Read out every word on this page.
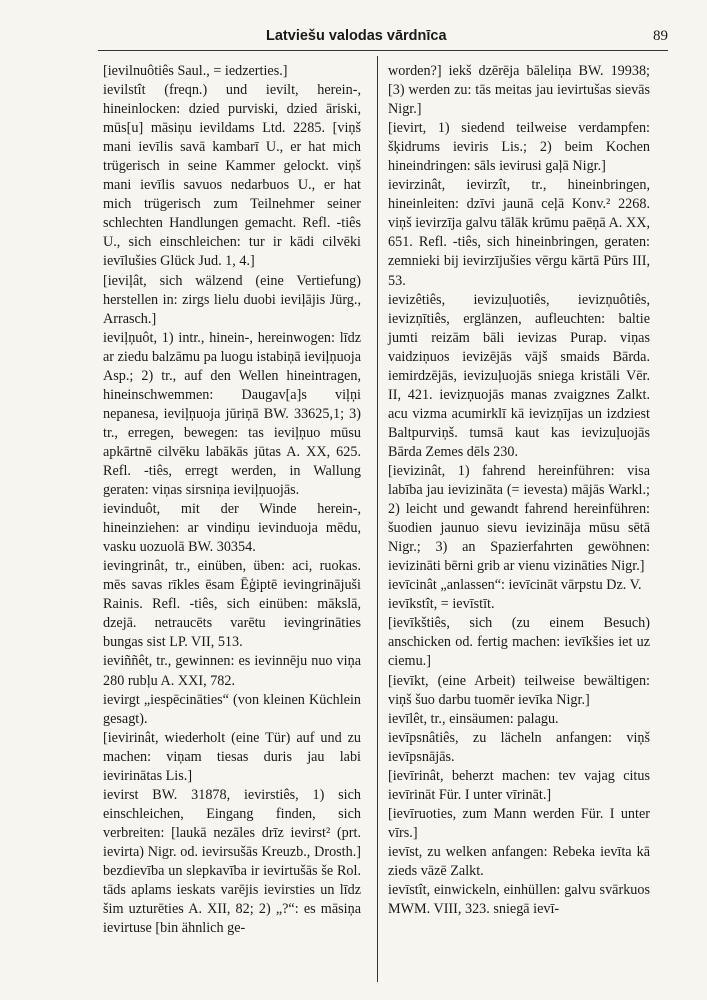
Latviešu valodas vārdnīca	89

[ievilnuôtiês Saul., = iedzerties.]

ievilstît (freqn.) und ievilt, herein-, hineinlocken: dzied purviski, dzied āriski, mūs[u] māsiņu ievildams Ltd. 2285. [viņš mani ievīlis savā kambarī U., er hat mich trügerisch in seine Kammer gelockt. viņš mani ievīlis savuos nedarbuos U., er hat mich trügerisch zum Teilnehmer seiner schlechten Handlungen gemacht. Refl. -tiês U., sich einschleichen: tur ir kādi cilvēki ievīlušies Glück Jud. 1, 4.]

[ieviļât, sich wälzend (eine Vertiefung) herstellen in: zirgs lielu duobi ieviļājis Jürg., Arrasch.]

ieviļņuôt, 1) intr., hinein-, hereinwogen: līdz ar ziedu balzāmu pa luogu istabiņā ieviļņuoja Asp.; 2) tr., auf den Wellen hineintragen, hineinschwemmen: Daugav[a]s viļņi nepanesa, ieviļņuoja jūriņā BW. 33625,1; 3) tr., erregen, bewegen: tas ieviļņuo mūsu apkārtnē cilvēku labākās jūtas A. XX, 625. Refl. -tiês, erregt werden, in Wallung geraten: viņas sirsniņa ieviļņuojās.

ievinduôt, mit der Winde herein-, hineinziehen: ar vindiņu ievinduoja mēdu, vasku uozuolā BW. 30354.

ievingrinât, tr., einüben, üben: aci, ruokas. mēs savas rīkles ēsam Ēģiptē ievingrinājuši Rainis. Refl. -tiês, sich einüben: mākslā, dzejā. netraucēts varētu ievingrināties bungas sist LP. VII, 513.

ieviññêt, tr., gewinnen: es ievinnēju nuo viņa 280 rubļu A. XXI, 782.

ievirgt „iespēcināties“ (von kleinen Küchlein gesagt).

[ievirinât, wiederholt (eine Tür) auf und zu machen: viņam tiesas duris jau labi ievirinātas Lis.]

ievirst BW. 31878, ievirstiês, 1) sich einschleichen, Eingang finden, sich verbreiten: [laukā nezāles drīz ievirst² (prt. ievirta) Nigr. od. ievirsušās Kreuzb., Drosth.] bezdievība un slepkavība ir ievirtušās še Rol. tāds aplams ieskats varējis ievirsties un līdz šim uzturēties A. XII, 82; 2) „?“: es māsiņa ievirtuse [bin ähnlich ge-

worden?] iekš dzērēja bāleliņa BW. 19938; [3) werden zu: tās meitas jau ievirtušas sievās Nigr.]

[ievirt, 1) siedend teilweise verdampfen: šķidrums ieviris Lis.; 2) beim Kochen hineindringen: sāls ievirusi gaļā Nigr.]

ievirzinât, ievirzît, tr., hineinbringen, hineinleiten: dzīvi jaunā ceļā Konv.² 2268. viņš ievirzīja galvu tālāk krūmu paēņā A. XX, 651. Refl. -tiês, sich hineinbringen, geraten: zemnieki bij ievirzījušies vērgu kārtā Pūrs III, 53.

ievizêtiês, ievizuļuotiês, ievizņuôtiês, ievizņītiês, erglänzen, aufleuchten: baltie jumti reizām bāli ievizas Purap. viņas vaidziņuos ievizējās vājš smaids Bārda. iemirdzējās, ievizuļuojās sniega kristāli Vēr. II, 421. ievizņuojās manas zvaigznes Zalkt. acu vizma acumirklī kā ievizņījas un izdziest Baltpurviņš. tumsā kaut kas ievizuļuojās Bārda Zemes dēls 230.

[ievizinât, 1) fahrend hereinführen: visa labība jau ievizināta (= ievesta) mājās Warkl.; 2) leicht und gewandt fahrend hereinführen: šuodien jaunuo sievu ievizināja mūsu sētā Nigr.; 3) an Spazierfahrten gewöhnen: ievizināti bērni grib ar vienu vizināties Nigr.]

ievīcinât „anlassen“: ievīcināt vārpstu Dz. V.

ievīkstît, = ievīstīt.

[ievīkštiês, sich (zu einem Besuch) anschicken od. fertig machen: ievīkšies iet uz ciemu.]

[ievīkt, (eine Arbeit) teilweise bewältigen: viņš šuo darbu tuomēr ievīka Nigr.]

ievīlêt, tr., einsäumen: palagu.

ievīpsnâtiês, zu lächeln anfangen: viņš ievīpsnājās.

[ievīrinât, beherzt machen: tev vajag citus ievīrināt Für. I unter vīrināt.]

[ievīruoties, zum Mann werden Für. I unter vīrs.]

ievīst, zu welken anfangen: Rebeka ievīta kā zieds vāzē Zalkt.

ievīstît, einwickeln, einhüllen: galvu svārkuos MWM. VIII, 323. sniegā ievī-
